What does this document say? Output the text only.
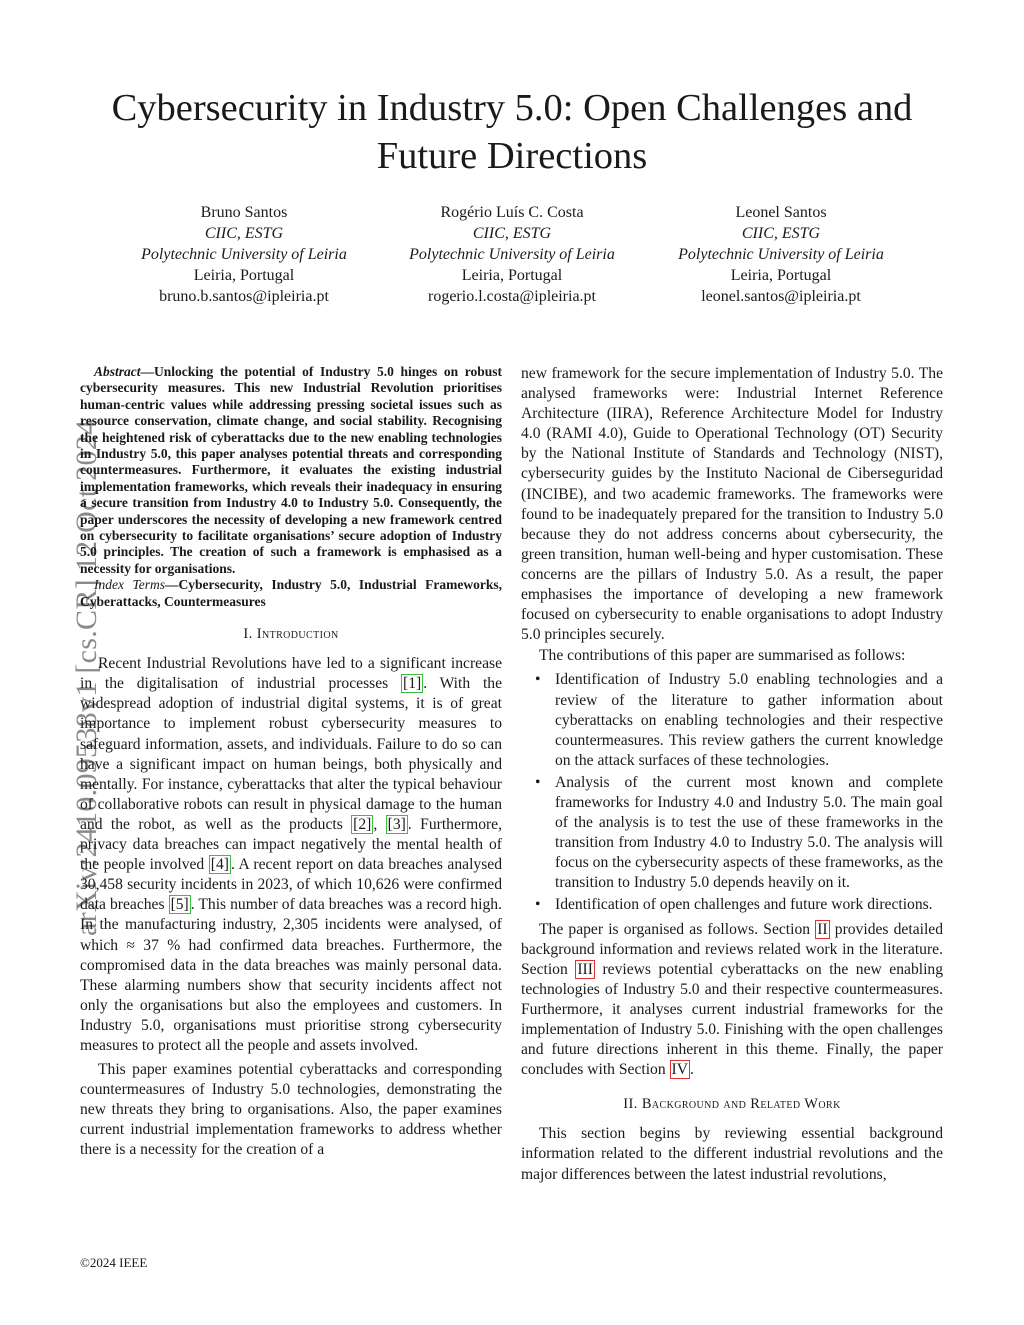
Cybersecurity in Industry 5.0: Open Challenges and Future Directions
Bruno Santos
CIIC, ESTG
Polytechnic University of Leiria
Leiria, Portugal
bruno.b.santos@ipleiria.pt
Rogério Luís C. Costa
CIIC, ESTG
Polytechnic University of Leiria
Leiria, Portugal
rogerio.l.costa@ipleiria.pt
Leonel Santos
CIIC, ESTG
Polytechnic University of Leiria
Leiria, Portugal
leonel.santos@ipleiria.pt
arXiv:2410.09538v1 [cs.CR] 12 Oct 2024

Abstract—Unlocking the potential of Industry 5.0 hinges on robust cybersecurity measures. This new Industrial Revolution prioritises human-centric values while addressing pressing societal issues such as resource conservation, climate change, and social stability. Recognising the heightened risk of cyberattacks due to the new enabling technologies in Industry 5.0, this paper analyses potential threats and corresponding countermeasures. Furthermore, it evaluates the existing industrial implementation frameworks, which reveals their inadequacy in ensuring a secure transition from Industry 4.0 to Industry 5.0. Consequently, the paper underscores the necessity of developing a new framework centred on cybersecurity to facilitate organisations’ secure adoption of Industry 5.0 principles. The creation of such a framework is emphasised as a necessity for organisations.

Index Terms—Cybersecurity, Industry 5.0, Industrial Frameworks, Cyberattacks, Countermeasures

I. Introduction

Recent Industrial Revolutions have led to a significant increase in the digitalisation of industrial processes [1] . With the widespread adoption of industrial digital systems, it is of great importance to implement robust cybersecurity measures to safeguard information, assets, and individuals. Failure to do so can have a significant impact on human beings, both physically and mentally. For instance, cyberattacks that alter the typical behaviour of collaborative robots can result in physical damage to the human and the robot, as well as the products [2] , [3] . Furthermore, privacy data breaches can impact negatively the mental health of the people involved [4] . A recent report on data breaches analysed 30,458 security incidents in 2023, of which 10,626 were confirmed data breaches [5] . This number of data breaches was a record high. In the manufacturing industry, 2,305 incidents were analysed, of which ≈ 37 % had confirmed data breaches. Furthermore, the compromised data in the data breaches was mainly personal data. These alarming numbers show that security incidents affect not only the organisations but also the employees and customers. In Industry 5.0, organisations must prioritise strong cybersecurity measures to protect all the people and assets involved.

This paper examines potential cyberattacks and corresponding countermeasures of Industry 5.0 technologies, demonstrating the new threats they bring to organisations. Also, the paper examines current industrial implementation frameworks to address whether there is a necessity for the creation of a

new framework for the secure implementation of Industry 5.0. The analysed frameworks were: Industrial Internet Reference Architecture (IIRA), Reference Architecture Model for Industry 4.0 (RAMI 4.0), Guide to Operational Technology (OT) Security by the National Institute of Standards and Technology (NIST), cybersecurity guides by the Instituto Nacional de Ciberseguridad (INCIBE), and two academic frameworks. The frameworks were found to be inadequately prepared for the transition to Industry 5.0 because they do not address concerns about cybersecurity, the green transition, human well-being and hyper customisation. These concerns are the pillars of Industry 5.0. As a result, the paper emphasises the importance of developing a new framework focused on cybersecurity to enable organisations to adopt Industry 5.0 principles securely.

The contributions of this paper are summarised as follows:

• Identification of Industry 5.0 enabling technologies and a review of the literature to gather information about cyberattacks on enabling technologies and their respective countermeasures. This review gathers the current knowledge on the attack surfaces of these technologies.
• Analysis of the current most known and complete frameworks for Industry 4.0 and Industry 5.0. The main goal of the analysis is to test the use of these frameworks in the transition from Industry 4.0 to Industry 5.0. The analysis will focus on the cybersecurity aspects of these frameworks, as the transition to Industry 5.0 depends heavily on it.
• Identification of open challenges and future work directions.

The paper is organised as follows. Section II provides detailed background information and reviews related work in the literature. Section III reviews potential cyberattacks on the new enabling technologies of Industry 5.0 and their respective countermeasures. Furthermore, it analyses current industrial frameworks for the implementation of Industry 5.0. Finishing with the open challenges and future directions inherent in this theme. Finally, the paper concludes with Section IV .

II. Background and Related Work

This section begins by reviewing essential background information related to the different industrial revolutions and the major differences between the latest industrial revolutions,

©2024 IEEE
